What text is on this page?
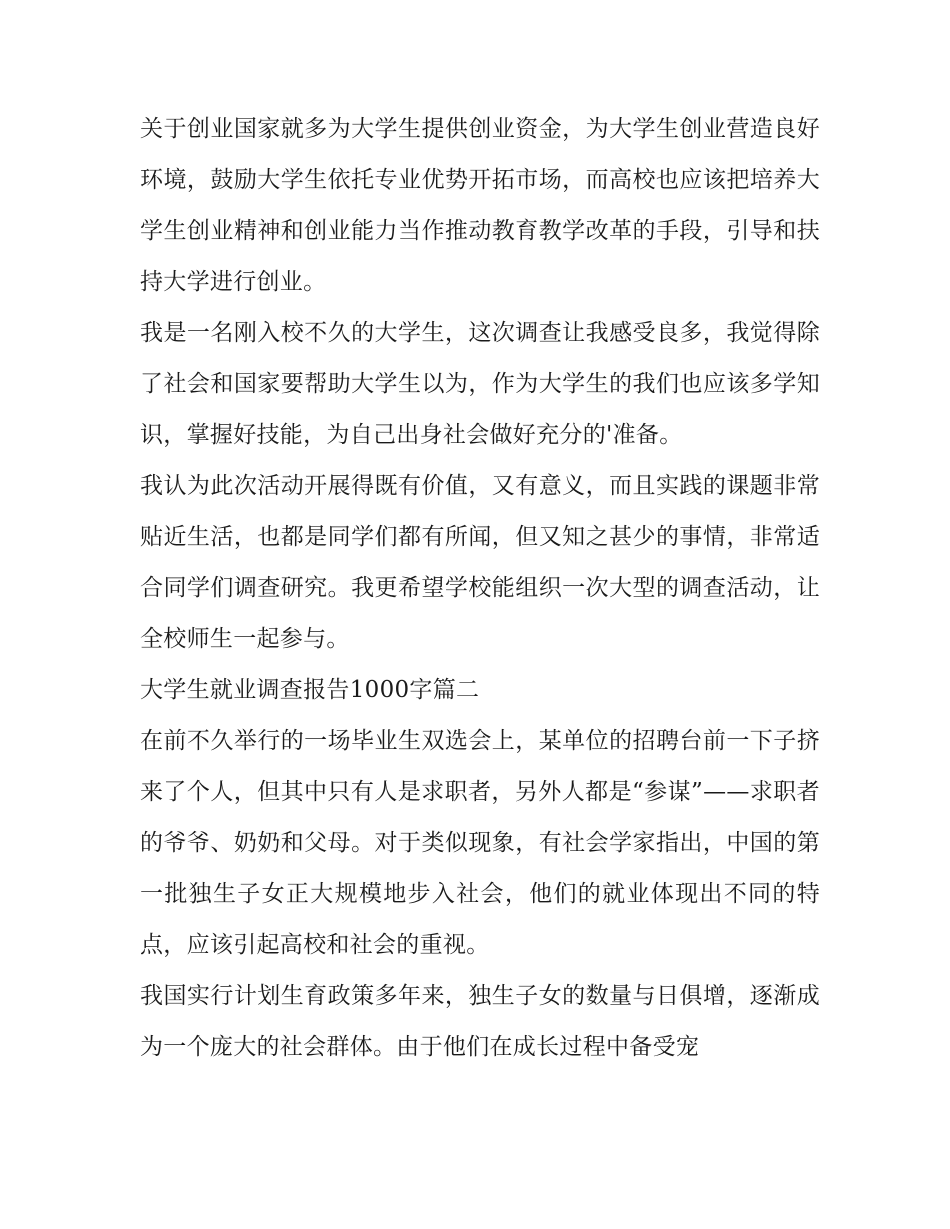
关于创业国家就多为大学生提供创业资金，为大学生创业营造良好环境，鼓励大学生依托专业优势开拓市场，而高校也应该把培养大学生创业精神和创业能力当作推动教育教学改革的手段，引导和扶持大学进行创业。

我是一名刚入校不久的大学生，这次调查让我感受良多，我觉得除了社会和国家要帮助大学生以为，作为大学生的我们也应该多学知识，掌握好技能，为自己出身社会做好充分的'准备。

我认为此次活动开展得既有价值，又有意义，而且实践的课题非常贴近生活，也都是同学们都有所闻，但又知之甚少的事情，非常适合同学们调查研究。我更希望学校能组织一次大型的调查活动，让全校师生一起参与。

大学生就业调查报告1000字篇二

在前不久举行的一场毕业生双选会上，某单位的招聘台前一下子挤来了个人，但其中只有人是求职者，另外人都是“参谋”——求职者的爷爷、奶奶和父母。对于类似现象，有社会学家指出，中国的第一批独生子女正大规模地步入社会，他们的就业体现出不同的特点，应该引起高校和社会的重视。

我国实行计划生育政策多年来，独生子女的数量与日俱增，逐渐成为一个庞大的社会群体。由于他们在成长过程中备受宠
